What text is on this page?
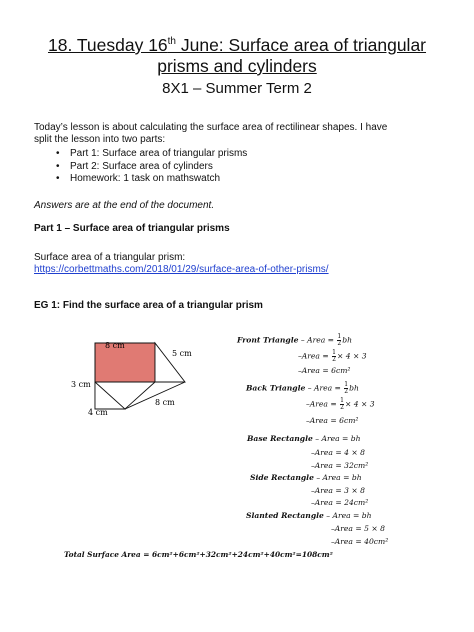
18. Tuesday 16th June: Surface area of triangular
prisms and cylinders
8X1 – Summer Term 2
Today’s lesson is about calculating the surface area of rectilinear shapes. I have
split the lesson into two parts:
• Part 1: Surface area of triangular prisms
• Part 2: Surface area of cylinders
• Homework: 1 task on mathswatch
Answers are at the end of the document.
Part 1 – Surface area of triangular prisms
Surface area of a triangular prism:
https://corbettmaths.com/2018/01/29/surface-area-of-other-prisms/
EG 1: Find the surface area of a triangular prism
8 cm
5 cm
3 cm
4 cm
8 cm
Front Triangle – Area = $\frac{1}{2}$ bh
–Area = $\frac{1}{2} \times 4 \times 3$
–Area = 6cm²
Back Triangle – Area = $\frac{1}{2}$ bh
–Area = $\frac{1}{2} \times 4 \times 3$
–Area = 6cm²
Base Rectangle – Area = bh
–Area = 4 × 8
–Area = 32cm²
Side Rectangle – Area = bh
–Area = 3 × 8
–Area = 24cm²
Slanted Rectangle – Area = bh
–Area = 5 × 8
–Area = 40cm²
Total Surface Area = 6cm²+6cm²+32cm²+24cm²+40cm²=108cm²
